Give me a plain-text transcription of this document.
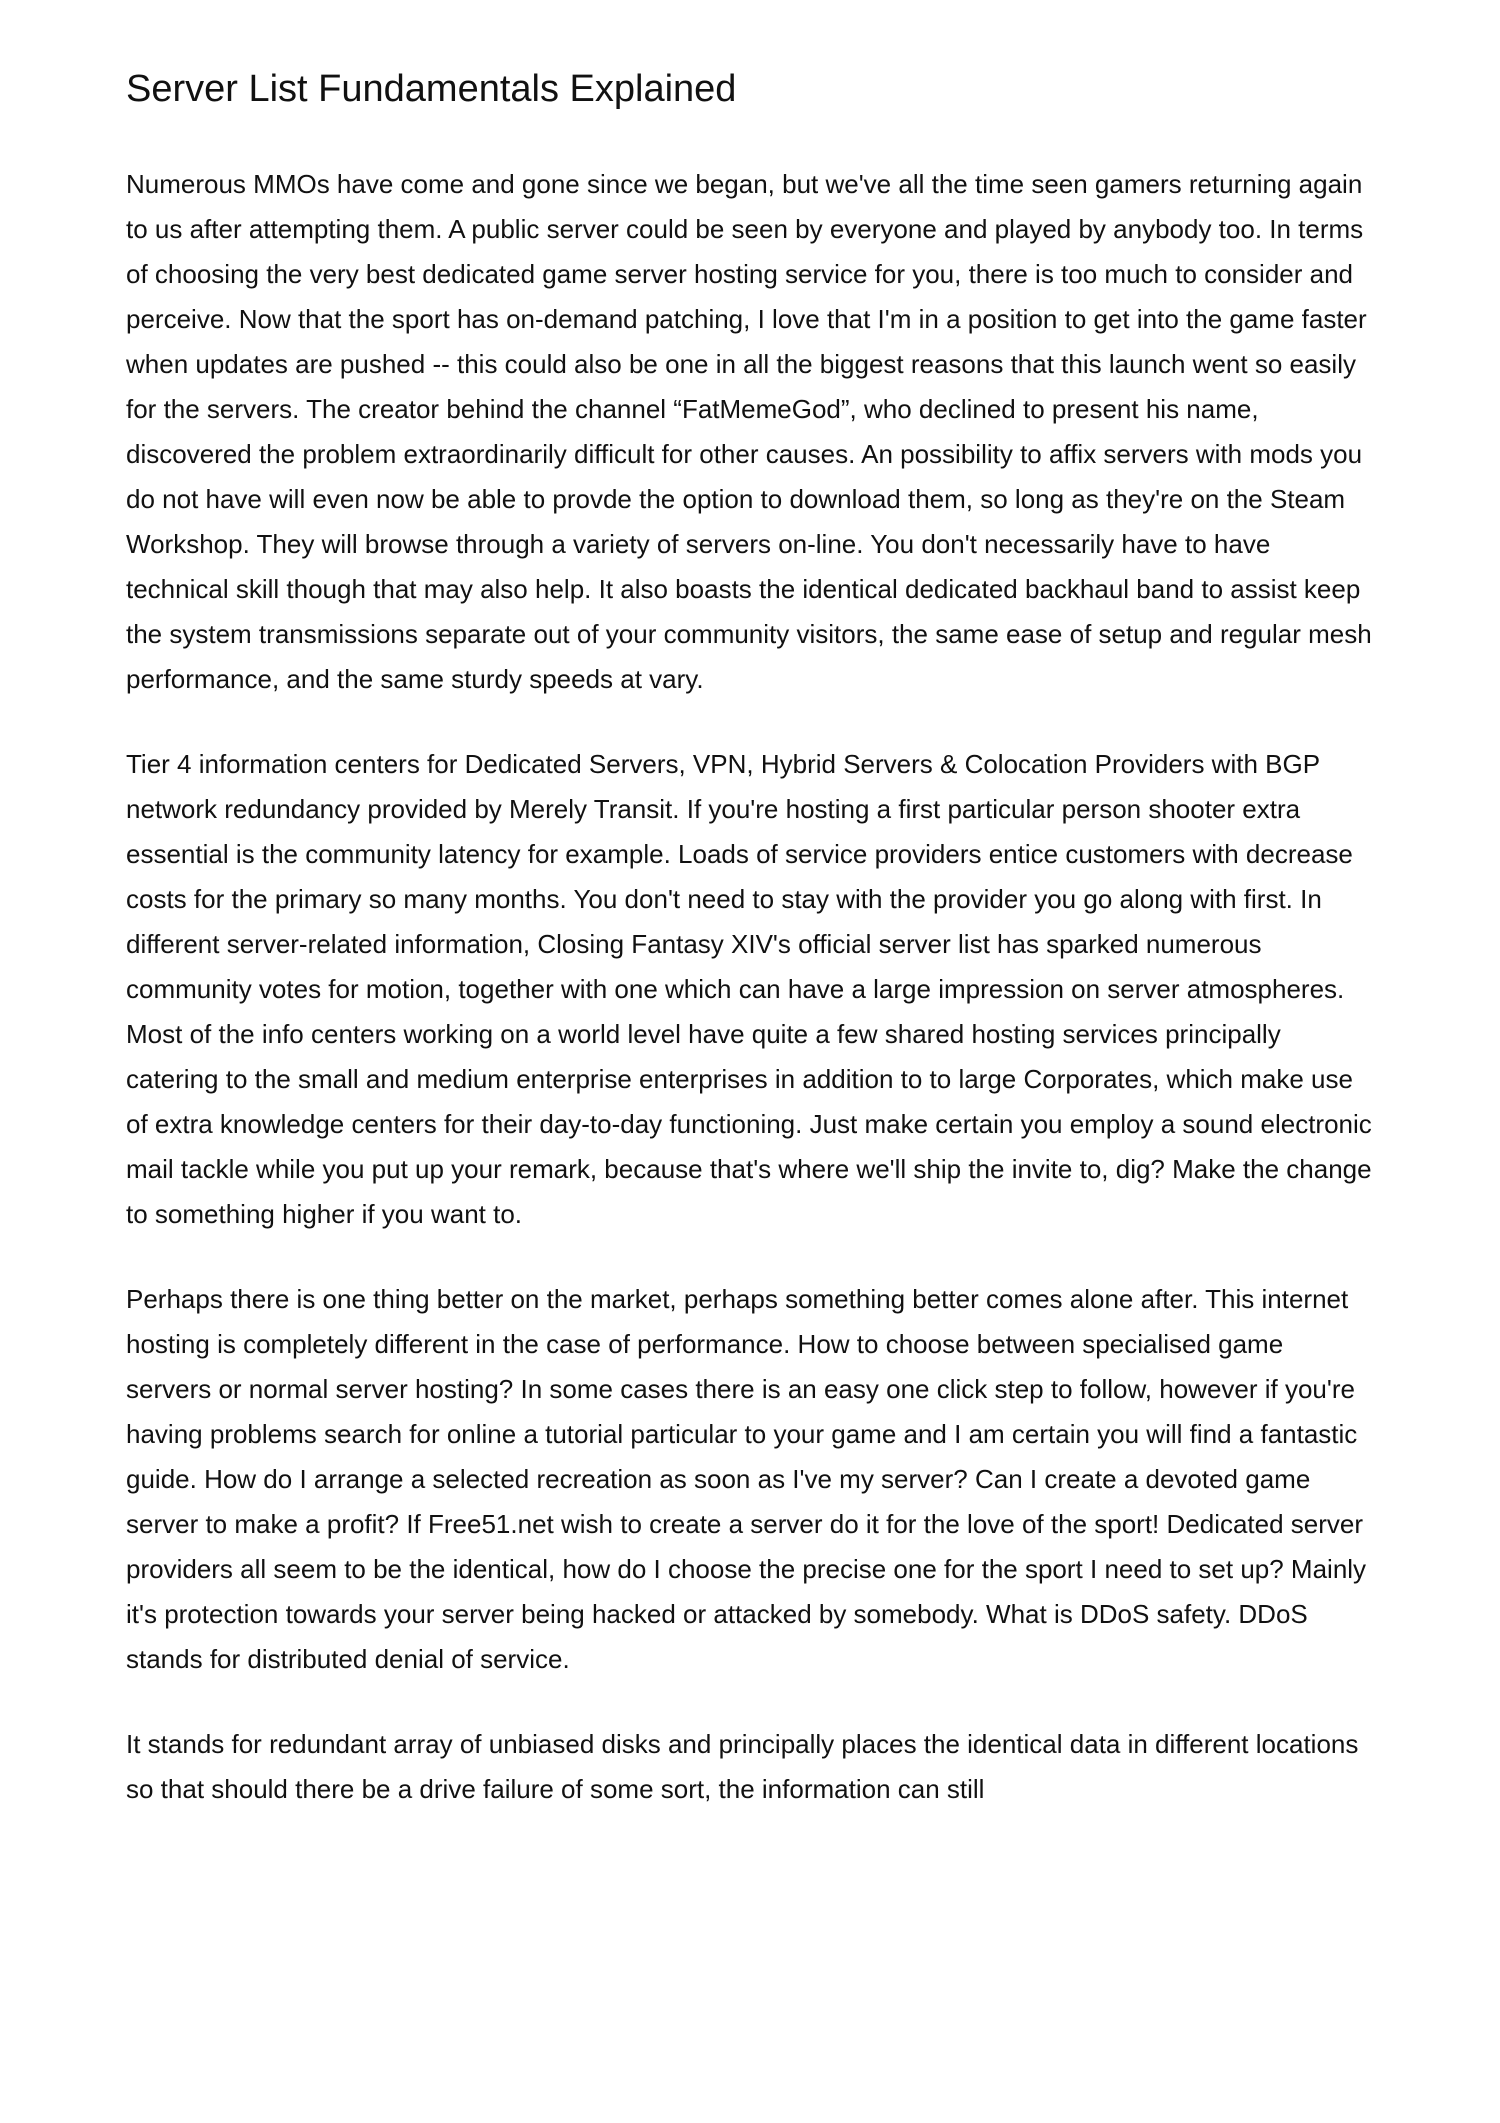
Server List Fundamentals Explained

Numerous MMOs have come and gone since we began, but we've all the time seen gamers returning again to us after attempting them. A public server could be seen by everyone and played by anybody too. In terms of choosing the very best dedicated game server hosting service for you, there is too much to consider and perceive. Now that the sport has on-demand patching, I love that I'm in a position to get into the game faster when updates are pushed -- this could also be one in all the biggest reasons that this launch went so easily for the servers. The creator behind the channel “FatMemeGod”, who declined to present his name, discovered the problem extraordinarily difficult for other causes. An possibility to affix servers with mods you do not have will even now be able to provde the option to download them, so long as they're on the Steam Workshop. They will browse through a variety of servers on-line. You don't necessarily have to have technical skill though that may also help. It also boasts the identical dedicated backhaul band to assist keep the system transmissions separate out of your community visitors, the same ease of setup and regular mesh performance, and the same sturdy speeds at vary.

Tier 4 information centers for Dedicated Servers, VPN, Hybrid Servers & Colocation Providers with BGP network redundancy provided by Merely Transit. If you're hosting a first particular person shooter extra essential is the community latency for example. Loads of service providers entice customers with decrease costs for the primary so many months. You don't need to stay with the provider you go along with first. In different server-related information, Closing Fantasy XIV's official server list has sparked numerous community votes for motion, together with one which can have a large impression on server atmospheres. Most of the info centers working on a world level have quite a few shared hosting services principally catering to the small and medium enterprise enterprises in addition to to large Corporates, which make use of extra knowledge centers for their day-to-day functioning. Just make certain you employ a sound electronic mail tackle while you put up your remark, because that's where we'll ship the invite to, dig? Make the change to something higher if you want to.

Perhaps there is one thing better on the market, perhaps something better comes alone after. This internet hosting is completely different in the case of performance. How to choose between specialised game servers or normal server hosting? In some cases there is an easy one click step to follow, however if you're having problems search for online a tutorial particular to your game and I am certain you will find a fantastic guide. How do I arrange a selected recreation as soon as I've my server? Can I create a devoted game server to make a profit? If Free51.net wish to create a server do it for the love of the sport! Dedicated server providers all seem to be the identical, how do I choose the precise one for the sport I need to set up? Mainly it's protection towards your server being hacked or attacked by somebody. What is DDoS safety. DDoS stands for distributed denial of service.

It stands for redundant array of unbiased disks and principally places the identical data in different locations so that should there be a drive failure of some sort, the information can still
